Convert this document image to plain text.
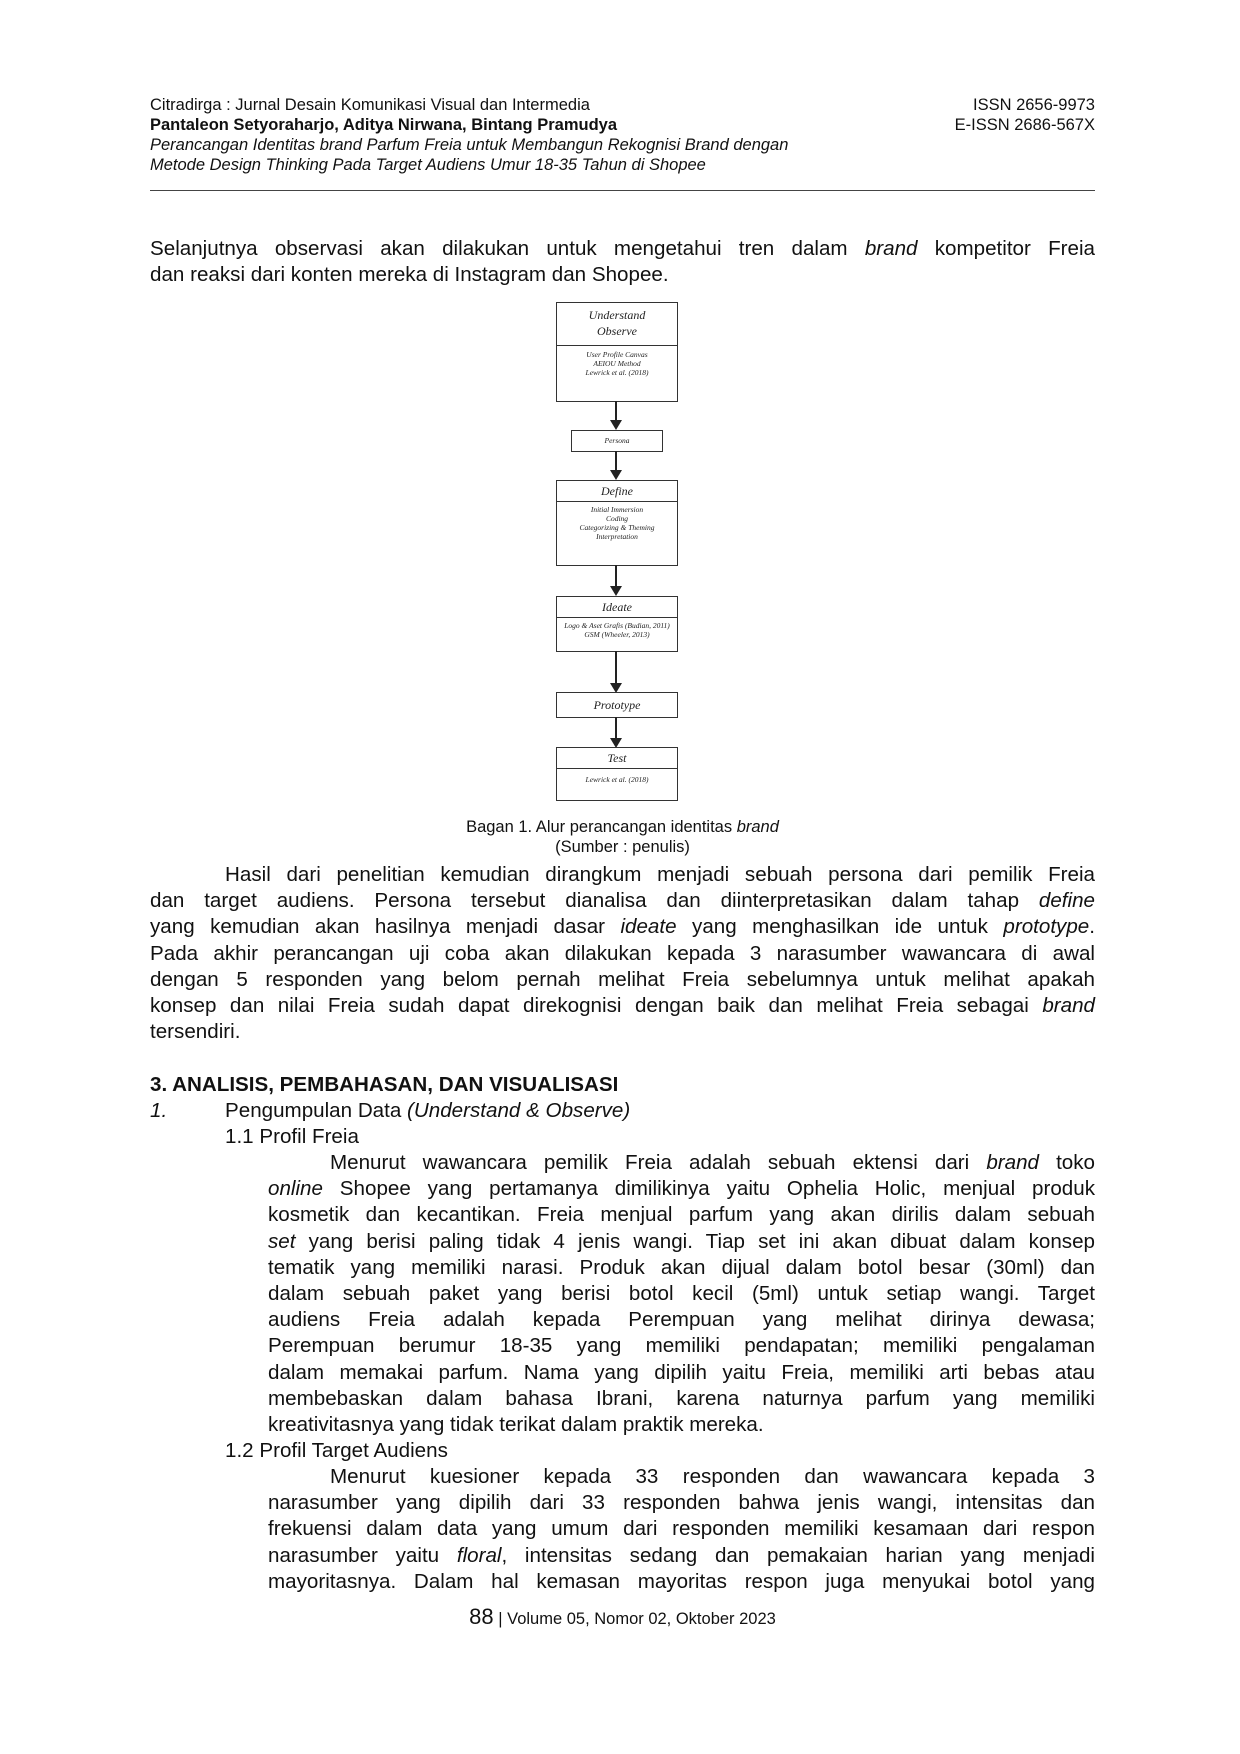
Citradirga : Jurnal Desain Komunikasi Visual dan Intermedia
Pantaleon Setyoraharjo, Aditya Nirwana, Bintang Pramudya
Perancangan Identitas brand Parfum Freia untuk Membangun Rekognisi Brand dengan
Metode Design Thinking Pada Target Audiens Umur 18-35 Tahun di Shopee
ISSN 2656-9973
E-ISSN 2686-567X
Selanjutnya observasi akan dilakukan untuk mengetahui tren dalam brand kompetitor Freia
dan reaksi dari konten mereka di Instagram dan Shopee.
Understand
Observe
User Profile Canvas
AEIOU Method
Lewrick et al. (2018)
Persona
Define
Initial Immersion
Coding
Categorizing & Theming
Interpretation
Ideate
Logo & Aset Grafis (Budian, 2011)
GSM (Wheeler, 2013)
Prototype
Test
Lewrick et al. (2018)
Bagan 1. Alur perancangan identitas brand
(Sumber : penulis)
Hasil dari penelitian kemudian dirangkum menjadi sebuah persona dari pemilik Freia
dan target audiens. Persona tersebut dianalisa dan diinterpretasikan dalam tahap define
yang kemudian akan hasilnya menjadi dasar ideate yang menghasilkan ide untuk prototype.
Pada akhir perancangan uji coba akan dilakukan kepada 3 narasumber wawancara di awal
dengan 5 responden yang belom pernah melihat Freia sebelumnya untuk melihat apakah
konsep dan nilai Freia sudah dapat direkognisi dengan baik dan melihat Freia sebagai brand
tersendiri.
3. ANALISIS, PEMBAHASAN, DAN VISUALISASI
1.	Pengumpulan Data (Understand & Observe)
1.1 Profil Freia
Menurut wawancara pemilik Freia adalah sebuah ektensi dari brand toko
online Shopee yang pertamanya dimilikinya yaitu Ophelia Holic, menjual produk
kosmetik dan kecantikan. Freia menjual parfum yang akan dirilis dalam sebuah
set yang berisi paling tidak 4 jenis wangi. Tiap set ini akan dibuat dalam konsep
tematik yang memiliki narasi. Produk akan dijual dalam botol besar (30ml) dan
dalam sebuah paket yang berisi botol kecil (5ml) untuk setiap wangi. Target
audiens Freia adalah kepada Perempuan yang melihat dirinya dewasa;
Perempuan berumur 18-35 yang memiliki pendapatan; memiliki pengalaman
dalam memakai parfum. Nama yang dipilih yaitu Freia, memiliki arti bebas atau
membebaskan dalam bahasa Ibrani, karena naturnya parfum yang memiliki
kreativitasnya yang tidak terikat dalam praktik mereka.
1.2 Profil Target Audiens
Menurut kuesioner kepada 33 responden dan wawancara kepada 3
narasumber yang dipilih dari 33 responden bahwa jenis wangi, intensitas dan
frekuensi dalam data yang umum dari responden memiliki kesamaan dari respon
narasumber yaitu floral, intensitas sedang dan pemakaian harian yang menjadi
mayoritasnya. Dalam hal kemasan mayoritas respon juga menyukai botol yang
88 | Volume 05, Nomor 02, Oktober 2023
